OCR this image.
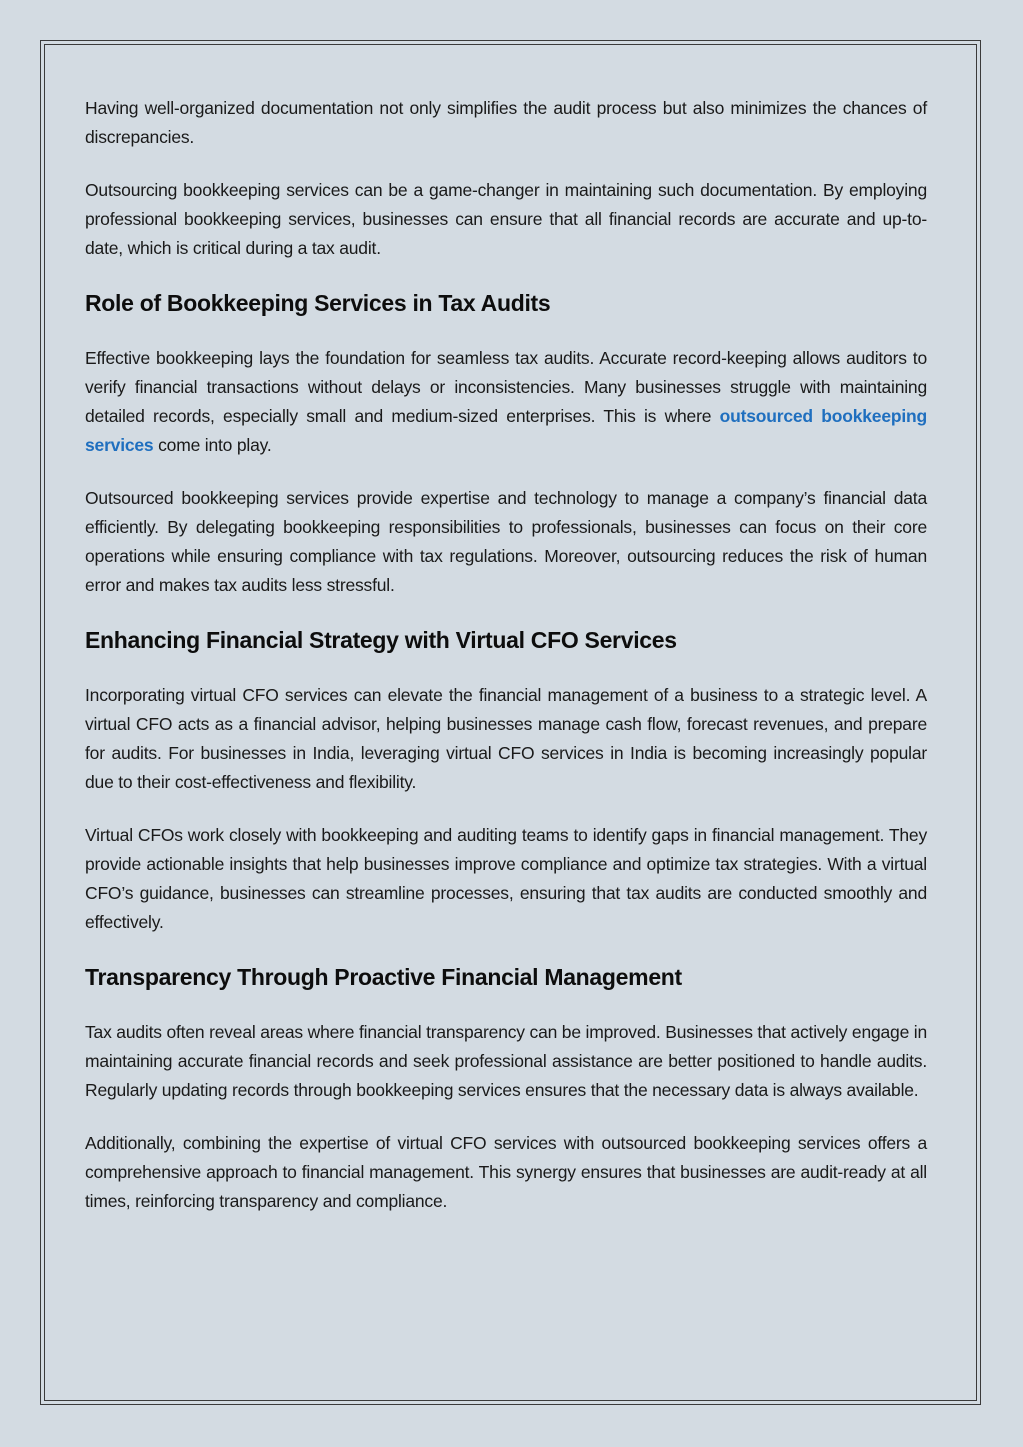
Having well-organized documentation not only simplifies the audit process but also minimizes the chances of discrepancies.

Outsourcing bookkeeping services can be a game-changer in maintaining such documentation. By employing professional bookkeeping services, businesses can ensure that all financial records are accurate and up-to-date, which is critical during a tax audit.

Role of Bookkeeping Services in Tax Audits

Effective bookkeeping lays the foundation for seamless tax audits. Accurate record-keeping allows auditors to verify financial transactions without delays or inconsistencies. Many businesses struggle with maintaining detailed records, especially small and medium-sized enterprises. This is where outsourced bookkeeping services come into play.

Outsourced bookkeeping services provide expertise and technology to manage a company’s financial data efficiently. By delegating bookkeeping responsibilities to professionals, businesses can focus on their core operations while ensuring compliance with tax regulations. Moreover, outsourcing reduces the risk of human error and makes tax audits less stressful.

Enhancing Financial Strategy with Virtual CFO Services

Incorporating virtual CFO services can elevate the financial management of a business to a strategic level. A virtual CFO acts as a financial advisor, helping businesses manage cash flow, forecast revenues, and prepare for audits. For businesses in India, leveraging virtual CFO services in India is becoming increasingly popular due to their cost-effectiveness and flexibility.

Virtual CFOs work closely with bookkeeping and auditing teams to identify gaps in financial management. They provide actionable insights that help businesses improve compliance and optimize tax strategies. With a virtual CFO’s guidance, businesses can streamline processes, ensuring that tax audits are conducted smoothly and effectively.

Transparency Through Proactive Financial Management

Tax audits often reveal areas where financial transparency can be improved. Businesses that actively engage in maintaining accurate financial records and seek professional assistance are better positioned to handle audits. Regularly updating records through bookkeeping services ensures that the necessary data is always available.

Additionally, combining the expertise of virtual CFO services with outsourced bookkeeping services offers a comprehensive approach to financial management. This synergy ensures that businesses are audit-ready at all times, reinforcing transparency and compliance.
